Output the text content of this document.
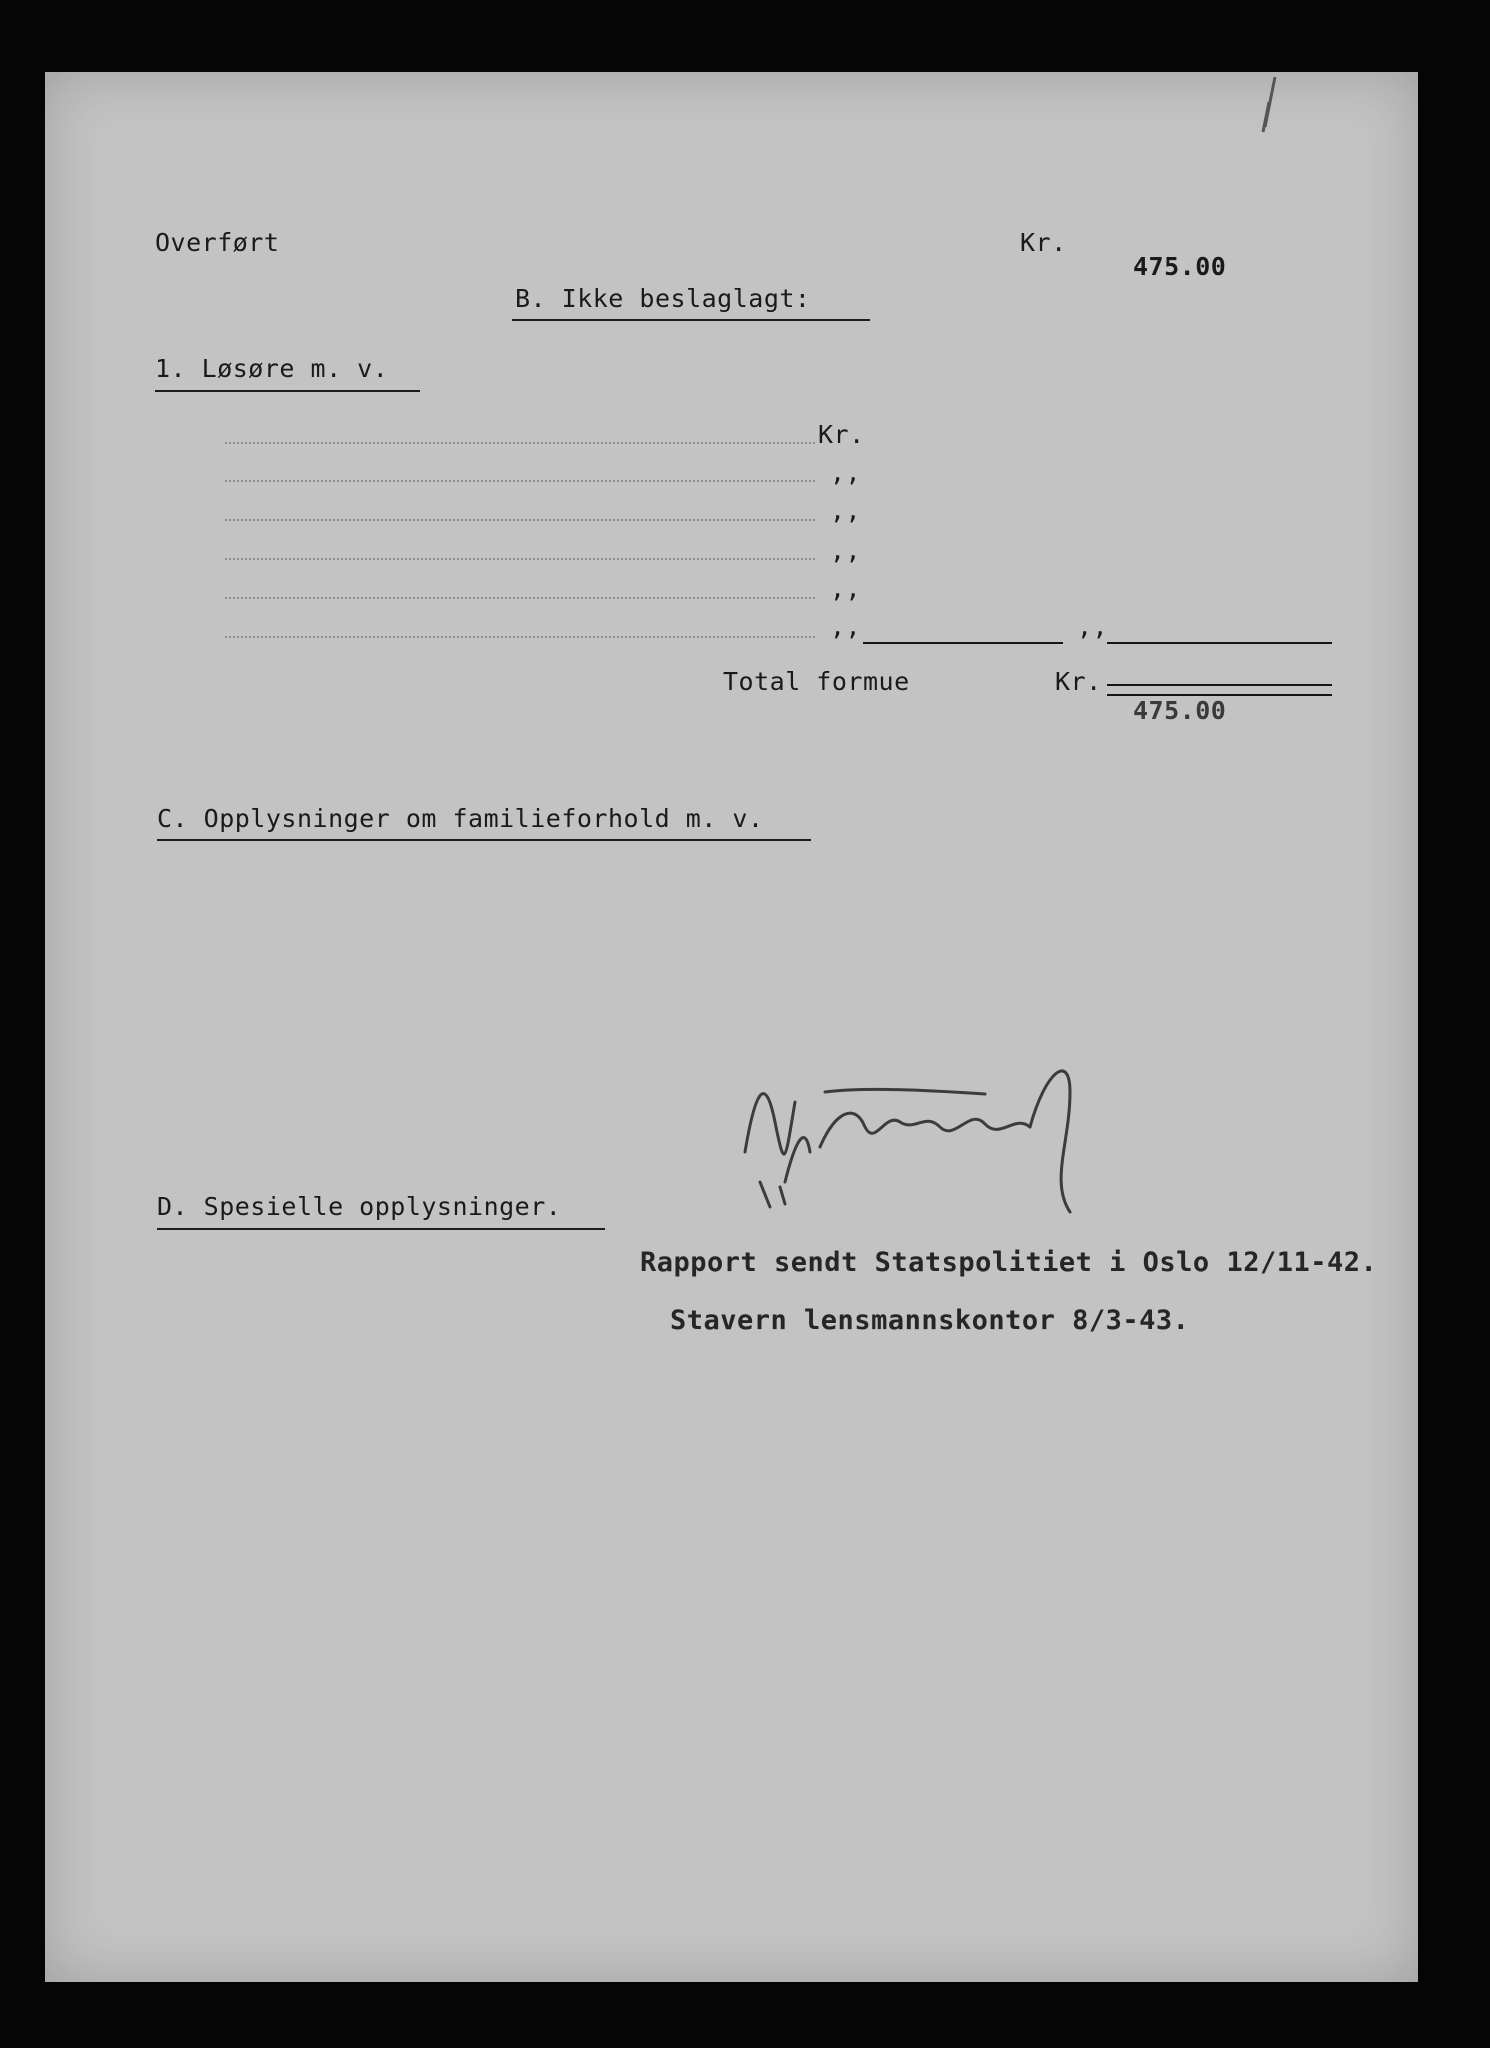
Overført	Kr.
475.00
B. Ikke beslaglagt:
1. Løsøre m. v.
Kr.
,,
,,
,,
,,
,,	,,
Total formue	Kr.
475.00
C. Opplysninger om familieforhold m. v.
D. Spesielle opplysninger.
Rapport sendt Statspolitiet i Oslo 12/11-42.
Stavern lensmannskontor 8/3-43.
